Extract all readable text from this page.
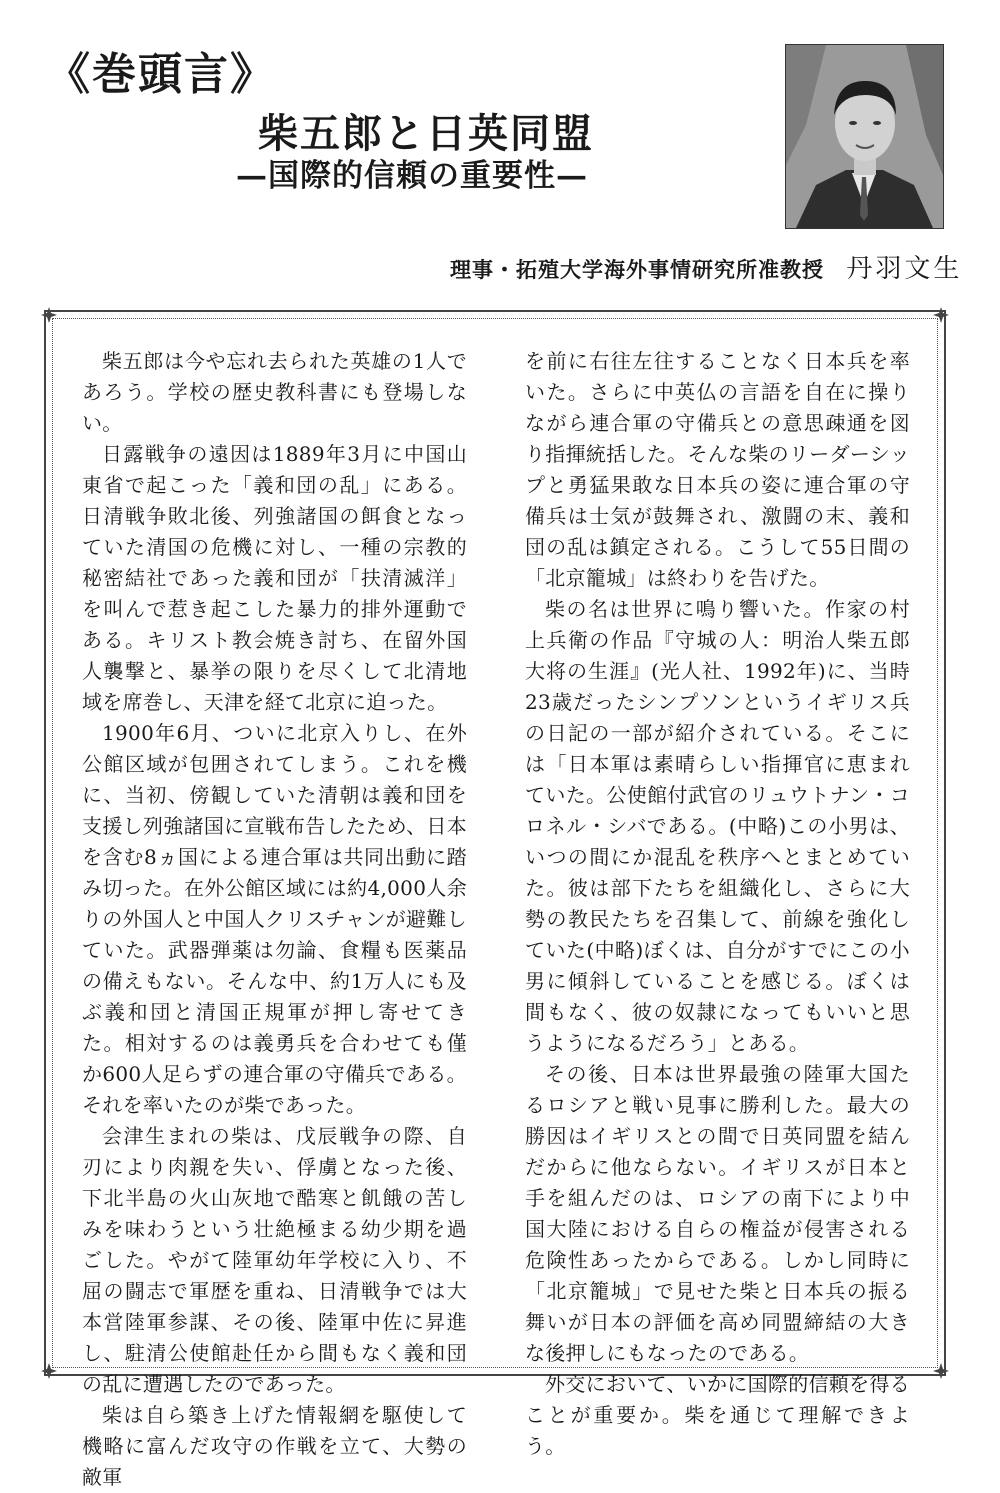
《巻頭言》
柴五郎と日英同盟
—国際的信頼の重要性—
理事・拓殖大学海外事情研究所准教授 丹羽文生

柴五郎は今や忘れ去られた英雄の1人であろう。学校の歴史教科書にも登場しない。

日露戦争の遠因は1889年3月に中国山東省で起こった「義和団の乱」にある。日清戦争敗北後、列強諸国の餌食となっていた清国の危機に対し、一種の宗教的秘密結社であった義和団が「扶清滅洋」を叫んで惹き起こした暴力的排外運動である。キリスト教会焼き討ち、在留外国人襲撃と、暴挙の限りを尽くして北清地域を席巻し、天津を経て北京に迫った。

1900年6月、ついに北京入りし、在外公館区域が包囲されてしまう。これを機に、当初、傍観していた清朝は義和団を支援し列強諸国に宣戦布告したため、日本を含む8ヵ国による連合軍は共同出動に踏み切った。在外公館区域には約4,000人余りの外国人と中国人クリスチャンが避難していた。武器弾薬は勿論、食糧も医薬品の備えもない。そんな中、約1万人にも及ぶ義和団と清国正規軍が押し寄せてきた。相対するのは義勇兵を合わせても僅か600人足らずの連合軍の守備兵である。それを率いたのが柴であった。

会津生まれの柴は、戊辰戦争の際、自刃により肉親を失い、俘虜となった後、下北半島の火山灰地で酷寒と飢餓の苦しみを味わうという壮絶極まる幼少期を過ごした。やがて陸軍幼年学校に入り、不屈の闘志で軍歴を重ね、日清戦争では大本営陸軍参謀、その後、陸軍中佐に昇進し、駐清公使館赴任から間もなく義和団の乱に遭遇したのであった。

柴は自ら築き上げた情報網を駆使して機略に富んだ攻守の作戦を立て、大勢の敵軍

を前に右往左往することなく日本兵を率いた。さらに中英仏の言語を自在に操りながら連合軍の守備兵との意思疎通を図り指揮統括した。そんな柴のリーダーシップと勇猛果敢な日本兵の姿に連合軍の守備兵は士気が鼓舞され、激闘の末、義和団の乱は鎮定される。こうして55日間の「北京籠城」は終わりを告げた。

柴の名は世界に鳴り響いた。作家の村上兵衛の作品『守城の人：明治人柴五郎大将の生涯』(光人社、1992年)に、当時23歳だったシンプソンというイギリス兵の日記の一部が紹介されている。そこには「日本軍は素晴らしい指揮官に恵まれていた。公使館付武官のリュウトナン・コロネル・シバである。(中略)この小男は、いつの間にか混乱を秩序へとまとめていた。彼は部下たちを組織化し、さらに大勢の教民たちを召集して、前線を強化していた(中略)ぼくは、自分がすでにこの小男に傾斜していることを感じる。ぼくは間もなく、彼の奴隷になってもいいと思うようになるだろう」とある。

その後、日本は世界最強の陸軍大国たるロシアと戦い見事に勝利した。最大の勝因はイギリスとの間で日英同盟を結んだからに他ならない。イギリスが日本と手を組んだのは、ロシアの南下により中国大陸における自らの権益が侵害される危険性あったからである。しかし同時に「北京籠城」で見せた柴と日本兵の振る舞いが日本の評価を高め同盟締結の大きな後押しにもなったのである。

外交において、いかに国際的信頼を得ることが重要か。柴を通じて理解できよう。
